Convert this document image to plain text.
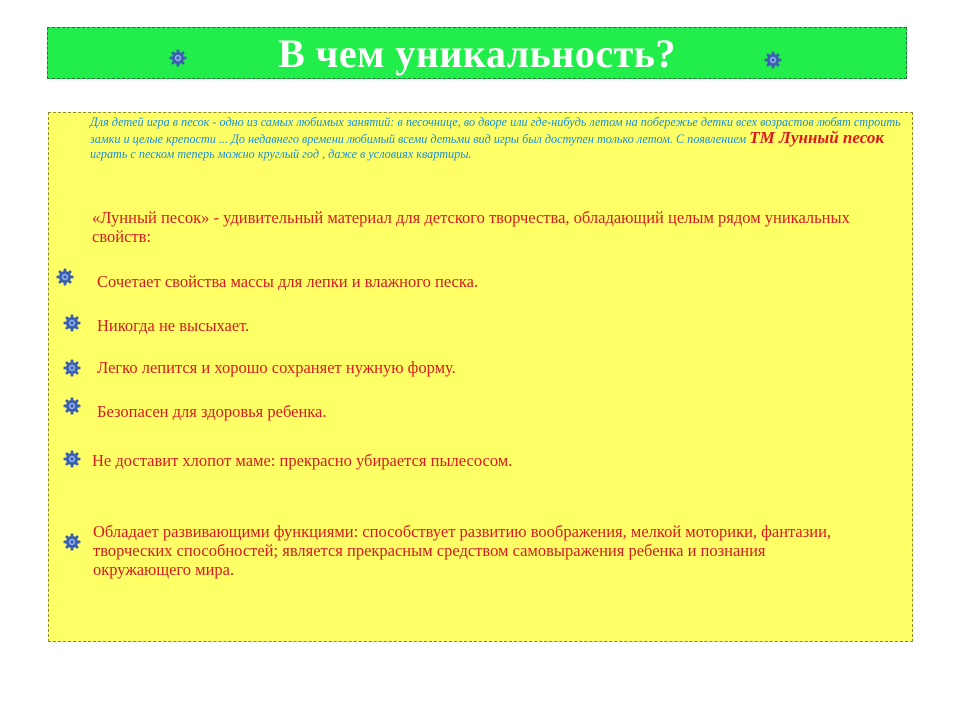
В чем уникальность?
Для детей игра в песок - одно из самых любимых занятий: в песочнице, во дворе или где-нибудь летом на побережье детки всех возрастов любят строить замки и целые крепости ... До недавнего времени любимый всеми детьми вид игры был доступен только летом. С появлением ТМ Лунный песок играть с песком теперь можно круглый год , даже в условиях квартиры.
«Лунный песок» - удивительный материал для детского творчества, обладающий целым рядом уникальных свойств:
Сочетает свойства массы для лепки и влажного песка.
Никогда не высыхает.
Легко лепится и хорошо сохраняет нужную форму.
Безопасен для здоровья ребенка.
Не доставит хлопот маме: прекрасно убирается пылесосом.
Обладает развивающими функциями: способствует развитию воображения, мелкой моторики, фантазии, творческих способностей; является прекрасным средством самовыражения ребенка и познания окружающего мира.
